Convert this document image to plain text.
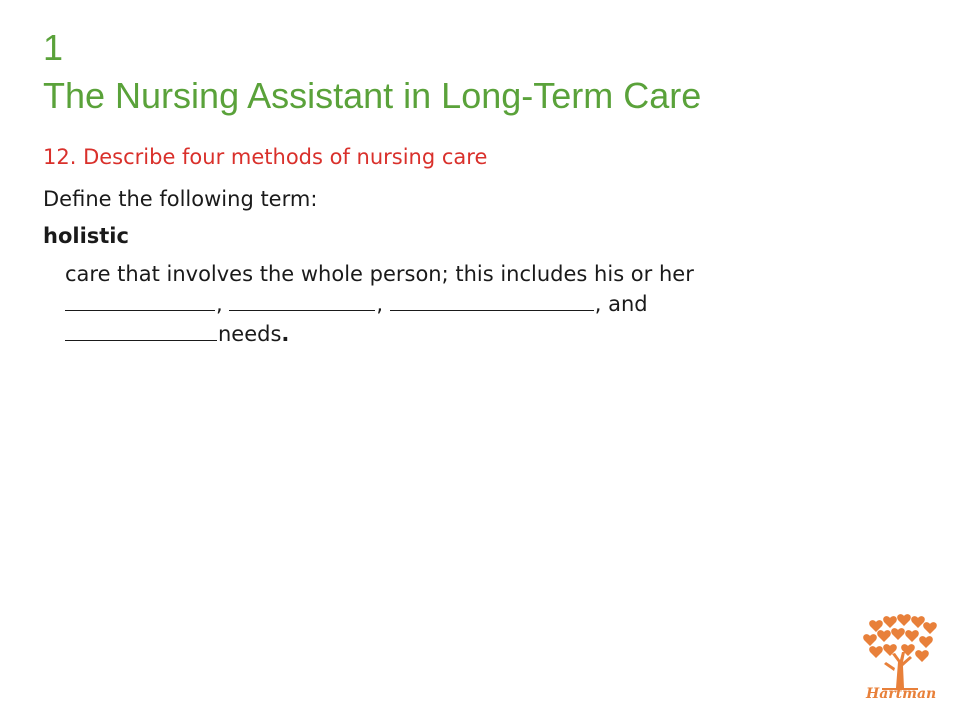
1
The Nursing Assistant in Long-Term Care
12. Describe four methods of nursing care
Define the following term:
holistic
care that involves the whole person; this includes his or her
,	,	, and
needs.
Hartman
